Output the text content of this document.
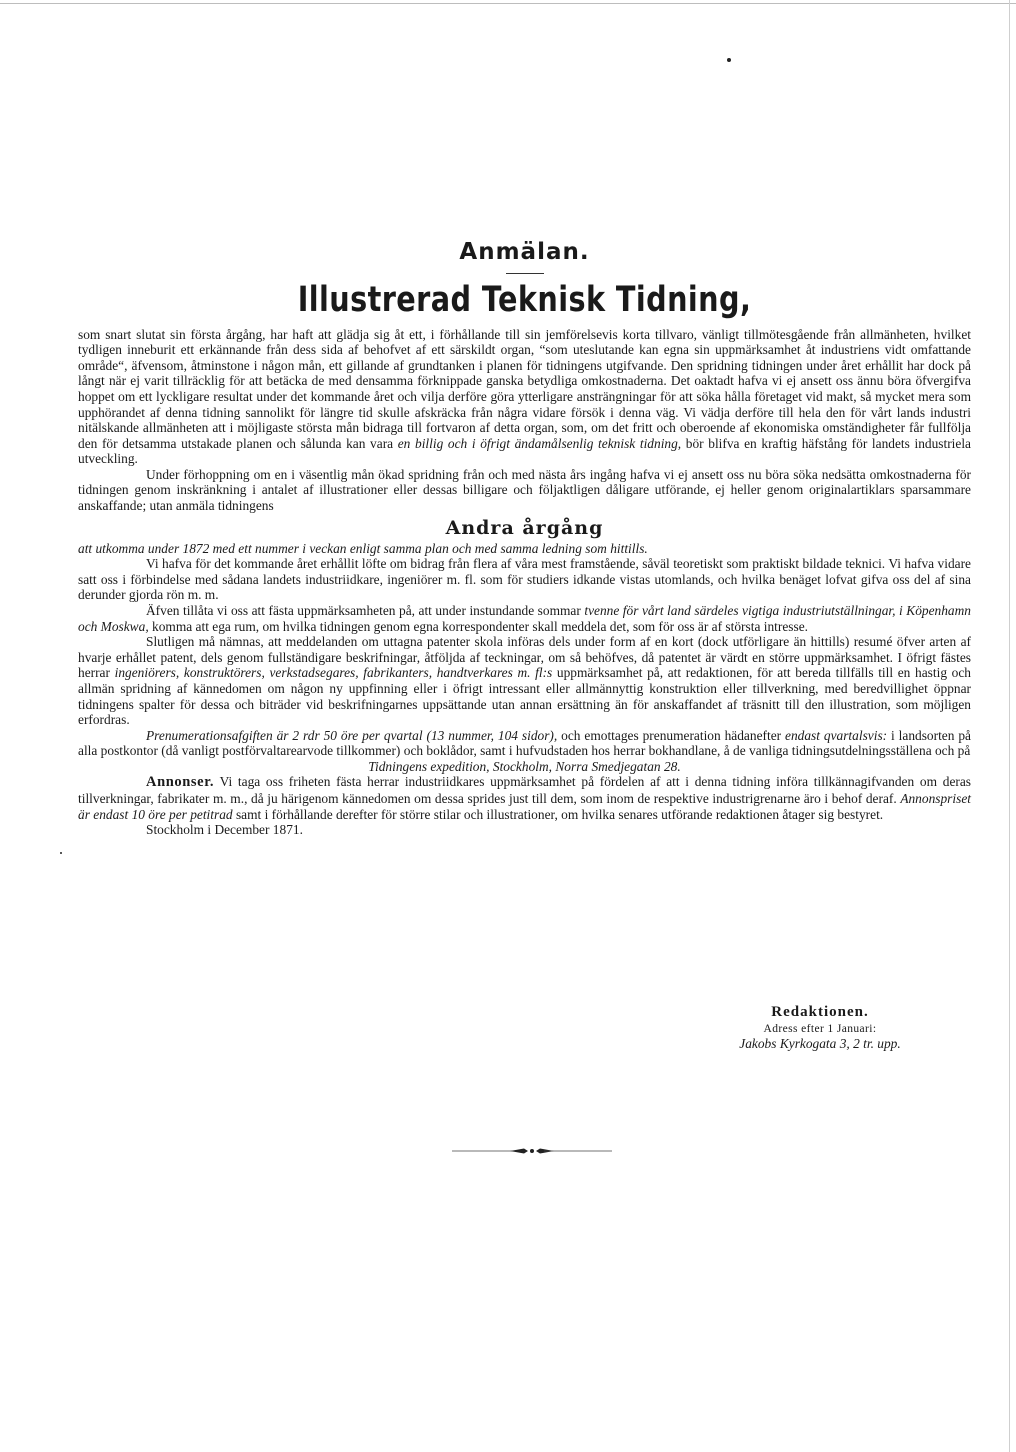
Anmälan.
Illustrerad Teknisk Tidning,

som snart slutat sin första årgång, har haft att glädja sig åt ett, i förhållande till sin jemförelsevis korta tillvaro, vänligt tillmötesgående från allmänheten, hvilket tydligen inneburit ett erkännande från dess sida af behofvet af ett särskildt organ, “som uteslutande kan egna sin uppmärksamhet åt industriens vidt omfattande område“, äfvensom, åtminstone i någon mån, ett gillande af grundtanken i planen för tidningens utgifvande. Den spridning tidningen under året erhållit har dock på långt när ej varit tillräcklig för att betäcka de med densamma förknippade ganska betydliga omkostnaderna. Det oaktadt hafva vi ej ansett oss ännu böra öfvergifva hoppet om ett lyckligare resultat under det kommande året och vilja derföre göra ytterligare ansträngningar för att söka hålla företaget vid makt, så mycket mera som upphörandet af denna tidning sannolikt för längre tid skulle afskräcka från några vidare försök i denna väg. Vi vädja derföre till hela den för vårt lands industri nitälskande allmänheten att i möjligaste största mån bidraga till fortvaron af detta organ, som, om det fritt och oberoende af ekonomiska omständigheter får fullfölja den för detsamma utstakade planen och sålunda kan vara en billig och i öfrigt ändamålsenlig teknisk tidning, bör blifva en kraftig häfstång för landets industriela utveckling.

Under förhoppning om en i väsentlig mån ökad spridning från och med nästa års ingång hafva vi ej ansett oss nu böra söka nedsätta omkostnaderna för tidningen genom inskränkning i antalet af illustrationer eller dessas billigare och följaktligen dåligare utförande, ej heller genom originalartiklars sparsammare anskaffande; utan anmäla tidningens

Andra årgång

att utkomma under 1872 med ett nummer i veckan enligt samma plan och med samma ledning som hittills.

Vi hafva för det kommande året erhållit löfte om bidrag från flera af våra mest framstående, såväl teoretiskt som praktiskt bildade teknici. Vi hafva vidare satt oss i förbindelse med sådana landets industriidkare, ingeniörer m. fl. som för studiers idkande vistas utomlands, och hvilka benäget lofvat gifva oss del af sina derunder gjorda rön m. m.

Äfven tillåta vi oss att fästa uppmärksamheten på, att under instundande sommar tvenne för vårt land särdeles vigtiga industriutställningar, i Köpenhamn och Moskwa, komma att ega rum, om hvilka tidningen genom egna korrespondenter skall meddela det, som för oss är af största intresse.

Slutligen må nämnas, att meddelanden om uttagna patenter skola införas dels under form af en kort (dock utförligare än hittills) resumé öfver arten af hvarje erhållet patent, dels genom fullständigare beskrifningar, åtföljda af teckningar, om så behöfves, då patentet är värdt en större uppmärksamhet. I öfrigt fästes herrar ingeniörers, konstruktörers, verkstadsegares, fabrikanters, handtverkares m. fl:s uppmärksamhet på, att redaktionen, för att bereda tillfälls till en hastig och allmän spridning af kännedomen om någon ny uppfinning eller i öfrigt intressant eller allmännyttig konstruktion eller tillverkning, med beredvillighet öppnar tidningens spalter för dessa och biträder vid beskrifningarnes uppsättande utan annan ersättning än för anskaffandet af träsnitt till den illustration, som möjligen erfordras.

Prenumerationsafgiften är 2 rdr 50 öre per qvartal (13 nummer, 104 sidor), och emottages prenumeration hädanefter endast qvartalsvis: i landsorten på alla postkontor (då vanligt postförvaltarearvode tillkommer) och boklådor, samt i hufvudstaden hos herrar bokhandlane, å de vanliga tidningsutdelningsställena och på

Tidningens expedition, Stockholm, Norra Smedjegatan 28.

Annonser. Vi taga oss friheten fästa herrar industriidkares uppmärksamhet på fördelen af att i denna tidning införa tillkännagifvanden om deras tillverkningar, fabrikater m. m., då ju härigenom kännedomen om dessa sprides just till dem, som inom de respektive industrigrenarne äro i behof deraf. Annonspriset är endast 10 öre per petitrad samt i förhållande derefter för större stilar och illustrationer, om hvilka senares utförande redaktionen åtager sig bestyret.

Stockholm i December 1871.

Redaktionen.
Adress efter 1 Januari:
Jakobs Kyrkogata 3, 2 tr. upp.
